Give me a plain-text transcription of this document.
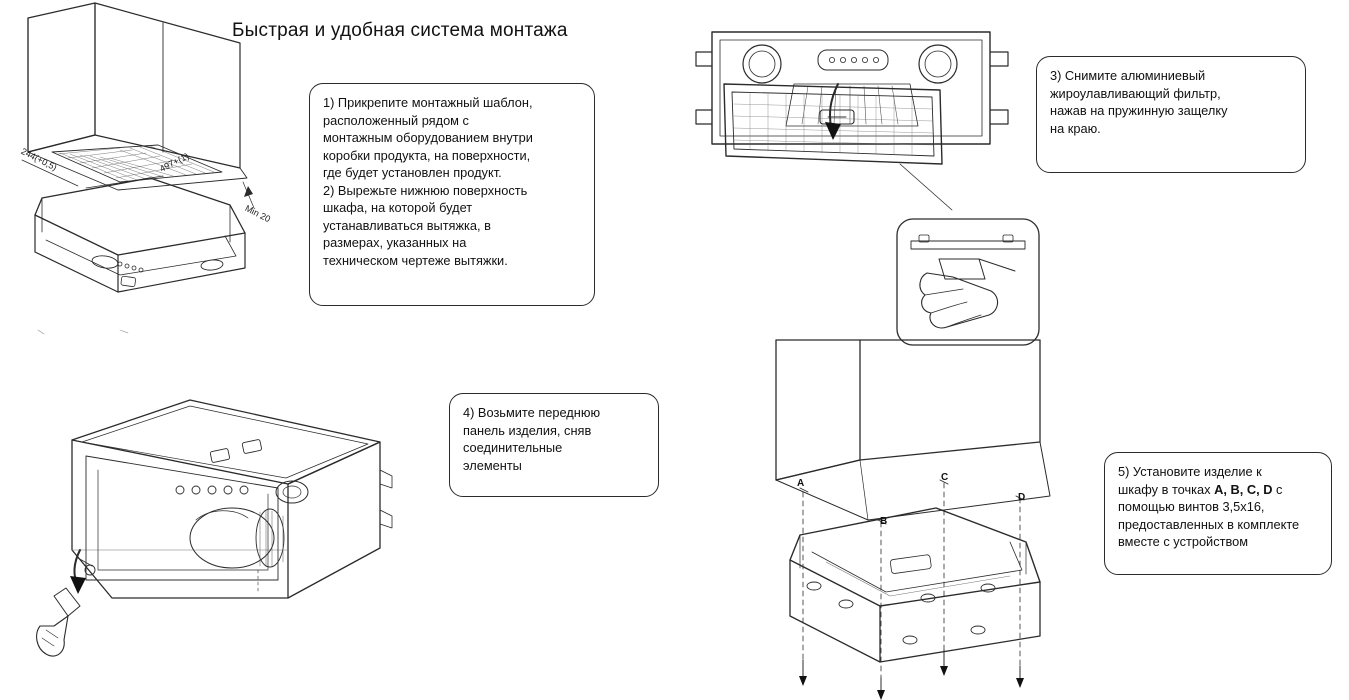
Быстрая и удобная система монтажа
244(+0,5)	497+(1)
Min 20
A
B
C
D

1) Прикрепите монтажный шаблон,

расположенный рядом с

монтажным оборудованием внутри

коробки продукта, на поверхности,

где будет установлен продукт.

2) Вырежьте нижнюю поверхность

шкафа, на которой будет

устанавливаться вытяжка, в

размерах, указанных на

техническом чертеже вытяжки.

3) Снимите алюминиевый

жироулавливающий фильтр,

нажав на пружинную защелку

на краю.

4) Возьмите переднюю

панель изделия, сняв

соединительные

элементы	5) Установите изделие к

шкафу в точках A, B, C, D с

помощью винтов 3,5х16,

предоставленных в комплекте

вместе с устройством
